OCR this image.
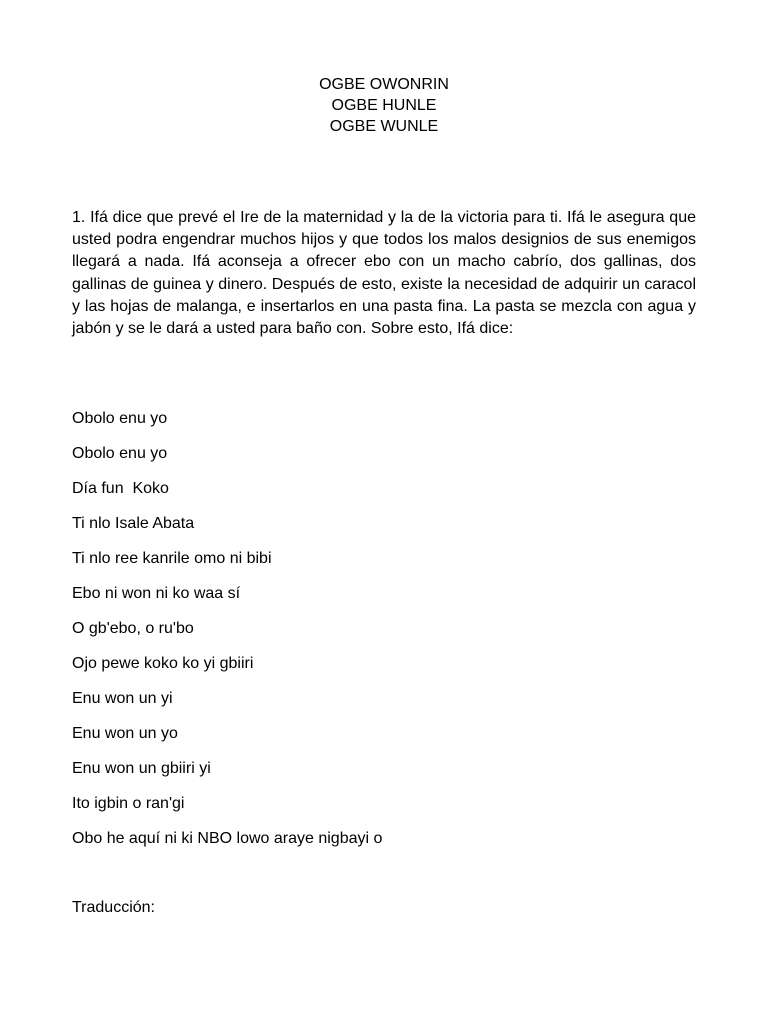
OGBE OWONRIN
OGBE HUNLE
OGBE WUNLE

1. Ifá dice que prevé el Ire de la maternidad y la de la victoria para ti. Ifá le asegura que usted podra engendrar muchos hijos y que todos los malos designios de sus enemigos llegará a nada. Ifá aconseja a ofrecer ebo con un macho cabrío, dos gallinas, dos gallinas de guinea y dinero. Después de esto, existe la necesidad de adquirir un caracol y las hojas de malanga, e insertarlos en una pasta fina. La pasta se mezcla con agua y jabón y se le dará a usted para baño con. Sobre esto, Ifá dice:

Obolo enu yo
Obolo enu yo
Día fun  Koko
Ti nlo Isale Abata
Ti nlo ree kanrile omo ni bibi
Ebo ni won ni ko waa sí
O gb'ebo, o ru'bo
Ojo pewe koko ko yi gbiiri
Enu won un yi
Enu won un yo
Enu won un gbiiri yi
Ito igbin o ran'gi
Obo he aquí ni ki NBO lowo araye nigbayi o

Traducción:
